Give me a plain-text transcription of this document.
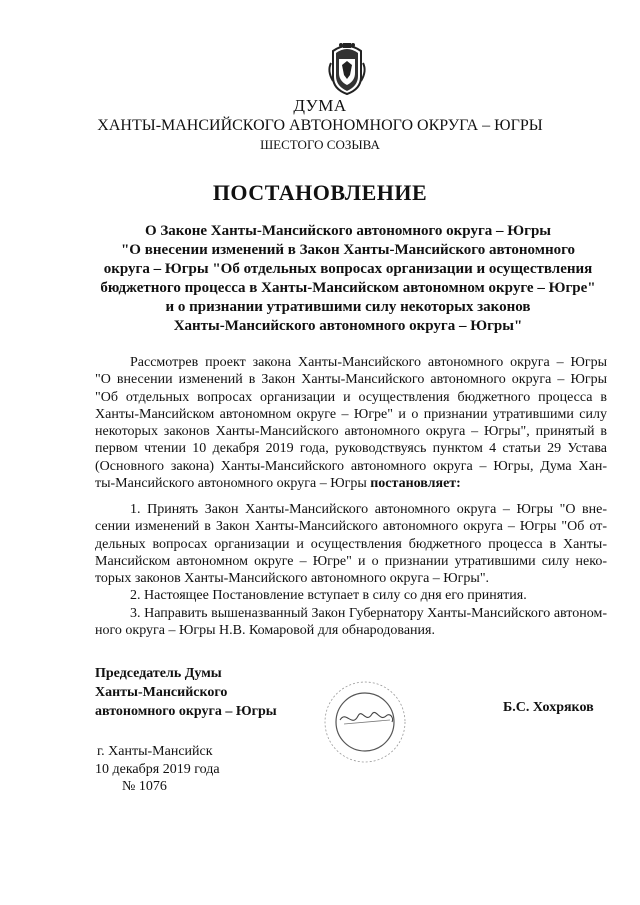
ДУМА
ХАНТЫ-МАНСИЙСКОГО АВТОНОМНОГО ОКРУГА – ЮГРЫ
ШЕСТОГО СОЗЫВА
ПОСТАНОВЛЕНИЕ
О Законе Ханты-Мансийского автономного округа – Югры
"О внесении изменений в Закон Ханты-Мансийского автономного
округа – Югры "Об отдельных вопросах организации и осуществления
бюджетного процесса в Ханты-Мансийском автономном округе – Югре"
и о признании утратившими силу некоторых законов
Ханты-Мансийского автономного округа – Югры"
Рассмотрев проект закона Ханты-Мансийского автономного округа – Югры
"О внесении изменений в Закон Ханты-Мансийского автономного округа – Югры
"Об отдельных вопросах организации и осуществления бюджетного процесса в
Ханты-Мансийском автономном округе – Югре" и о признании утратившими силу
некоторых законов Ханты-Мансийского автономного округа – Югры", принятый в
первом чтении 10 декабря 2019 года, руководствуясь пунктом 4 статьи 29 Устава
(Основного закона) Ханты-Мансийского автономного округа – Югры, Дума Хан-
ты-Мансийского автономного округа – Югры постановляет:
1. Принять Закон Ханты-Мансийского автономного округа – Югры "О вне-
сении изменений в Закон Ханты-Мансийского автономного округа – Югры "Об от-
дельных вопросах организации и осуществления бюджетного процесса в Ханты-
Мансийском автономном округе – Югре" и о признании утратившими силу неко-
торых законов Ханты-Мансийского автономного округа – Югры".
2. Настоящее Постановление вступает в силу со дня его принятия.
3. Направить вышеназванный Закон Губернатору Ханты-Мансийского автоном-
ного округа – Югры Н.В. Комаровой для обнародования.
Председатель Думы
Ханты-Мансийского
автономного округа – Югры	Б.С. Хохряков
г. Ханты-Мансийск
10 декабря 2019 года
№ 1076
